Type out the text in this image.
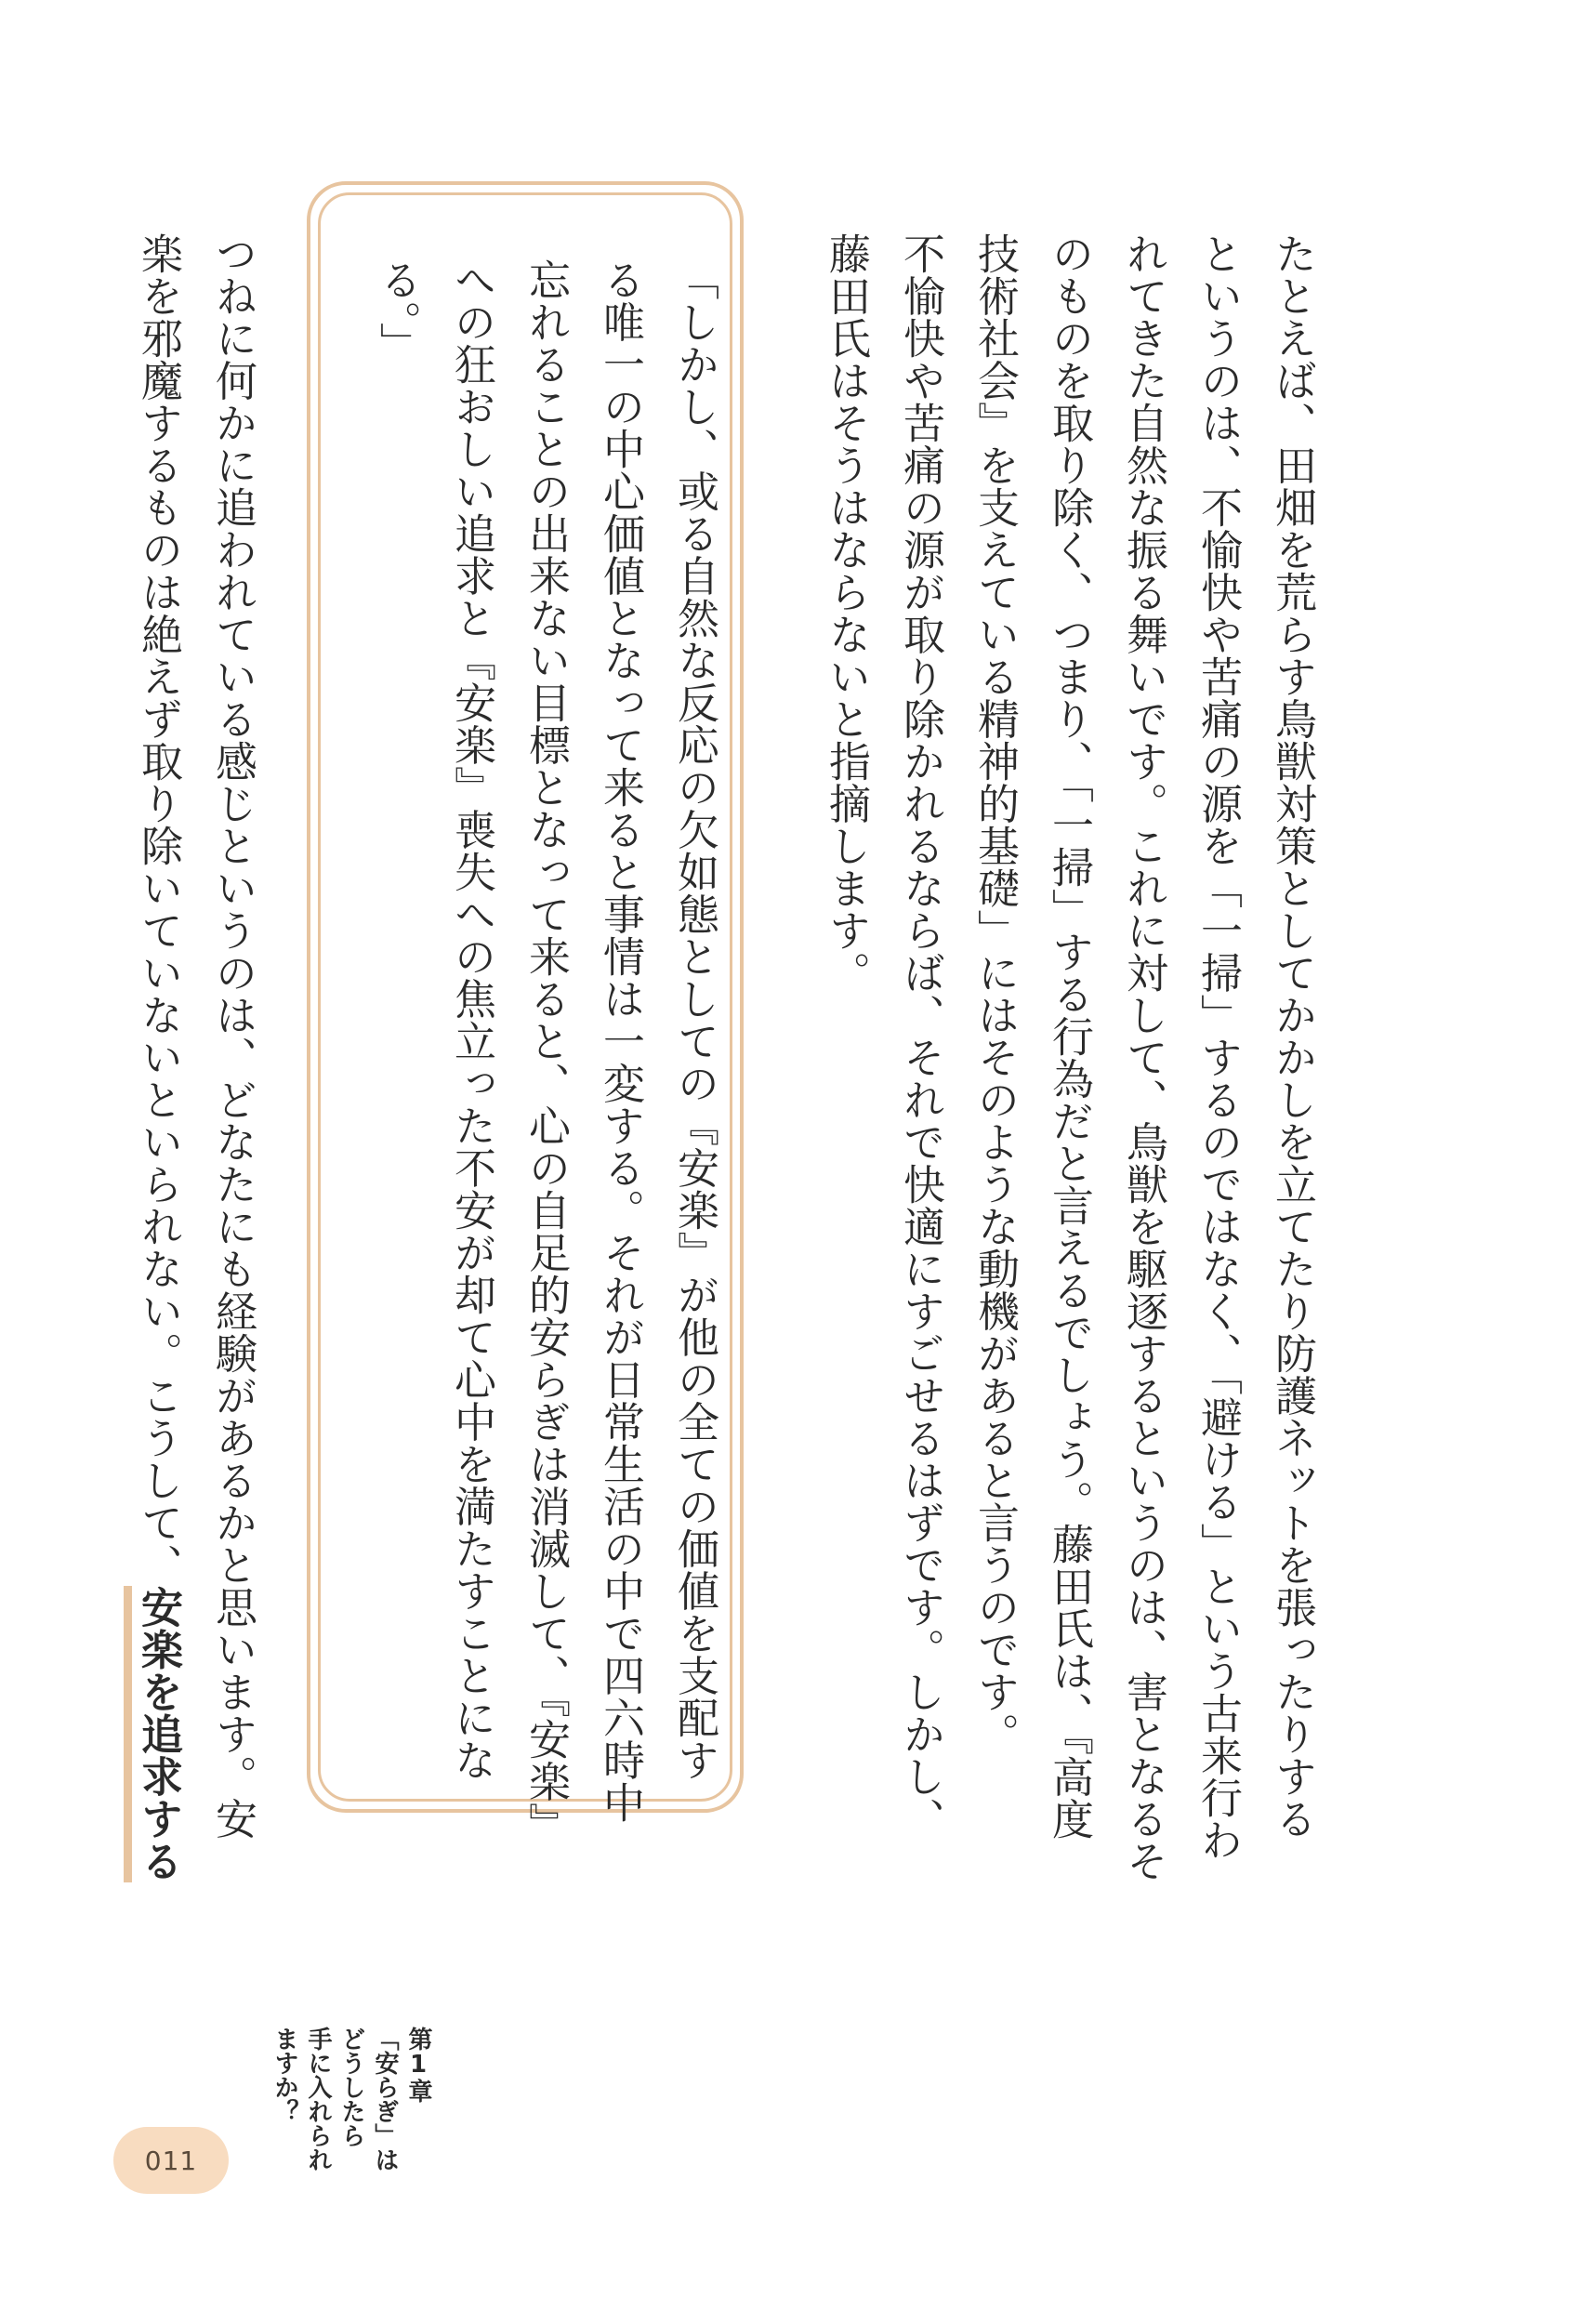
たとえば、田畑を荒らす鳥獣対策としてかかしを立てたり防護ネットを張ったりする
というのは、不愉快や苦痛の源を「一掃」するのではなく、「避ける」という古来行わ
れてきた自然な振る舞いです。これに対して、鳥獣を駆逐するというのは、害となるそ
のものを取り除く、つまり、「一掃」する行為だと言えるでしょう。藤田氏は、『高度
技術社会』を支えている精神的基礎」にはそのような動機があると言うのです。
不愉快や苦痛の源が取り除かれるならば、それで快適にすごせるはずです。しかし、
藤田氏はそうはならないと指摘します。
「しかし、或る自然な反応の欠如態としての『安楽』が他の全ての価値を支配す
る唯一の中心価値となって来ると事情は一変する。それが日常生活の中で四六時中
忘れることの出来ない目標となって来ると、心の自足的安らぎは消滅して、『安楽』
への狂おしい追求と『安楽』喪失への焦立った不安が却て心中を満たすことにな
る。」
つねに何かに追われている感じというのは、どなたにも経験があるかと思います。安
楽を邪魔するものは絶えず取り除いていないといられない。こうして、安楽を追求する
第1章
「安らぎ」は
どうしたら
手に入れられ
ますか？
011
